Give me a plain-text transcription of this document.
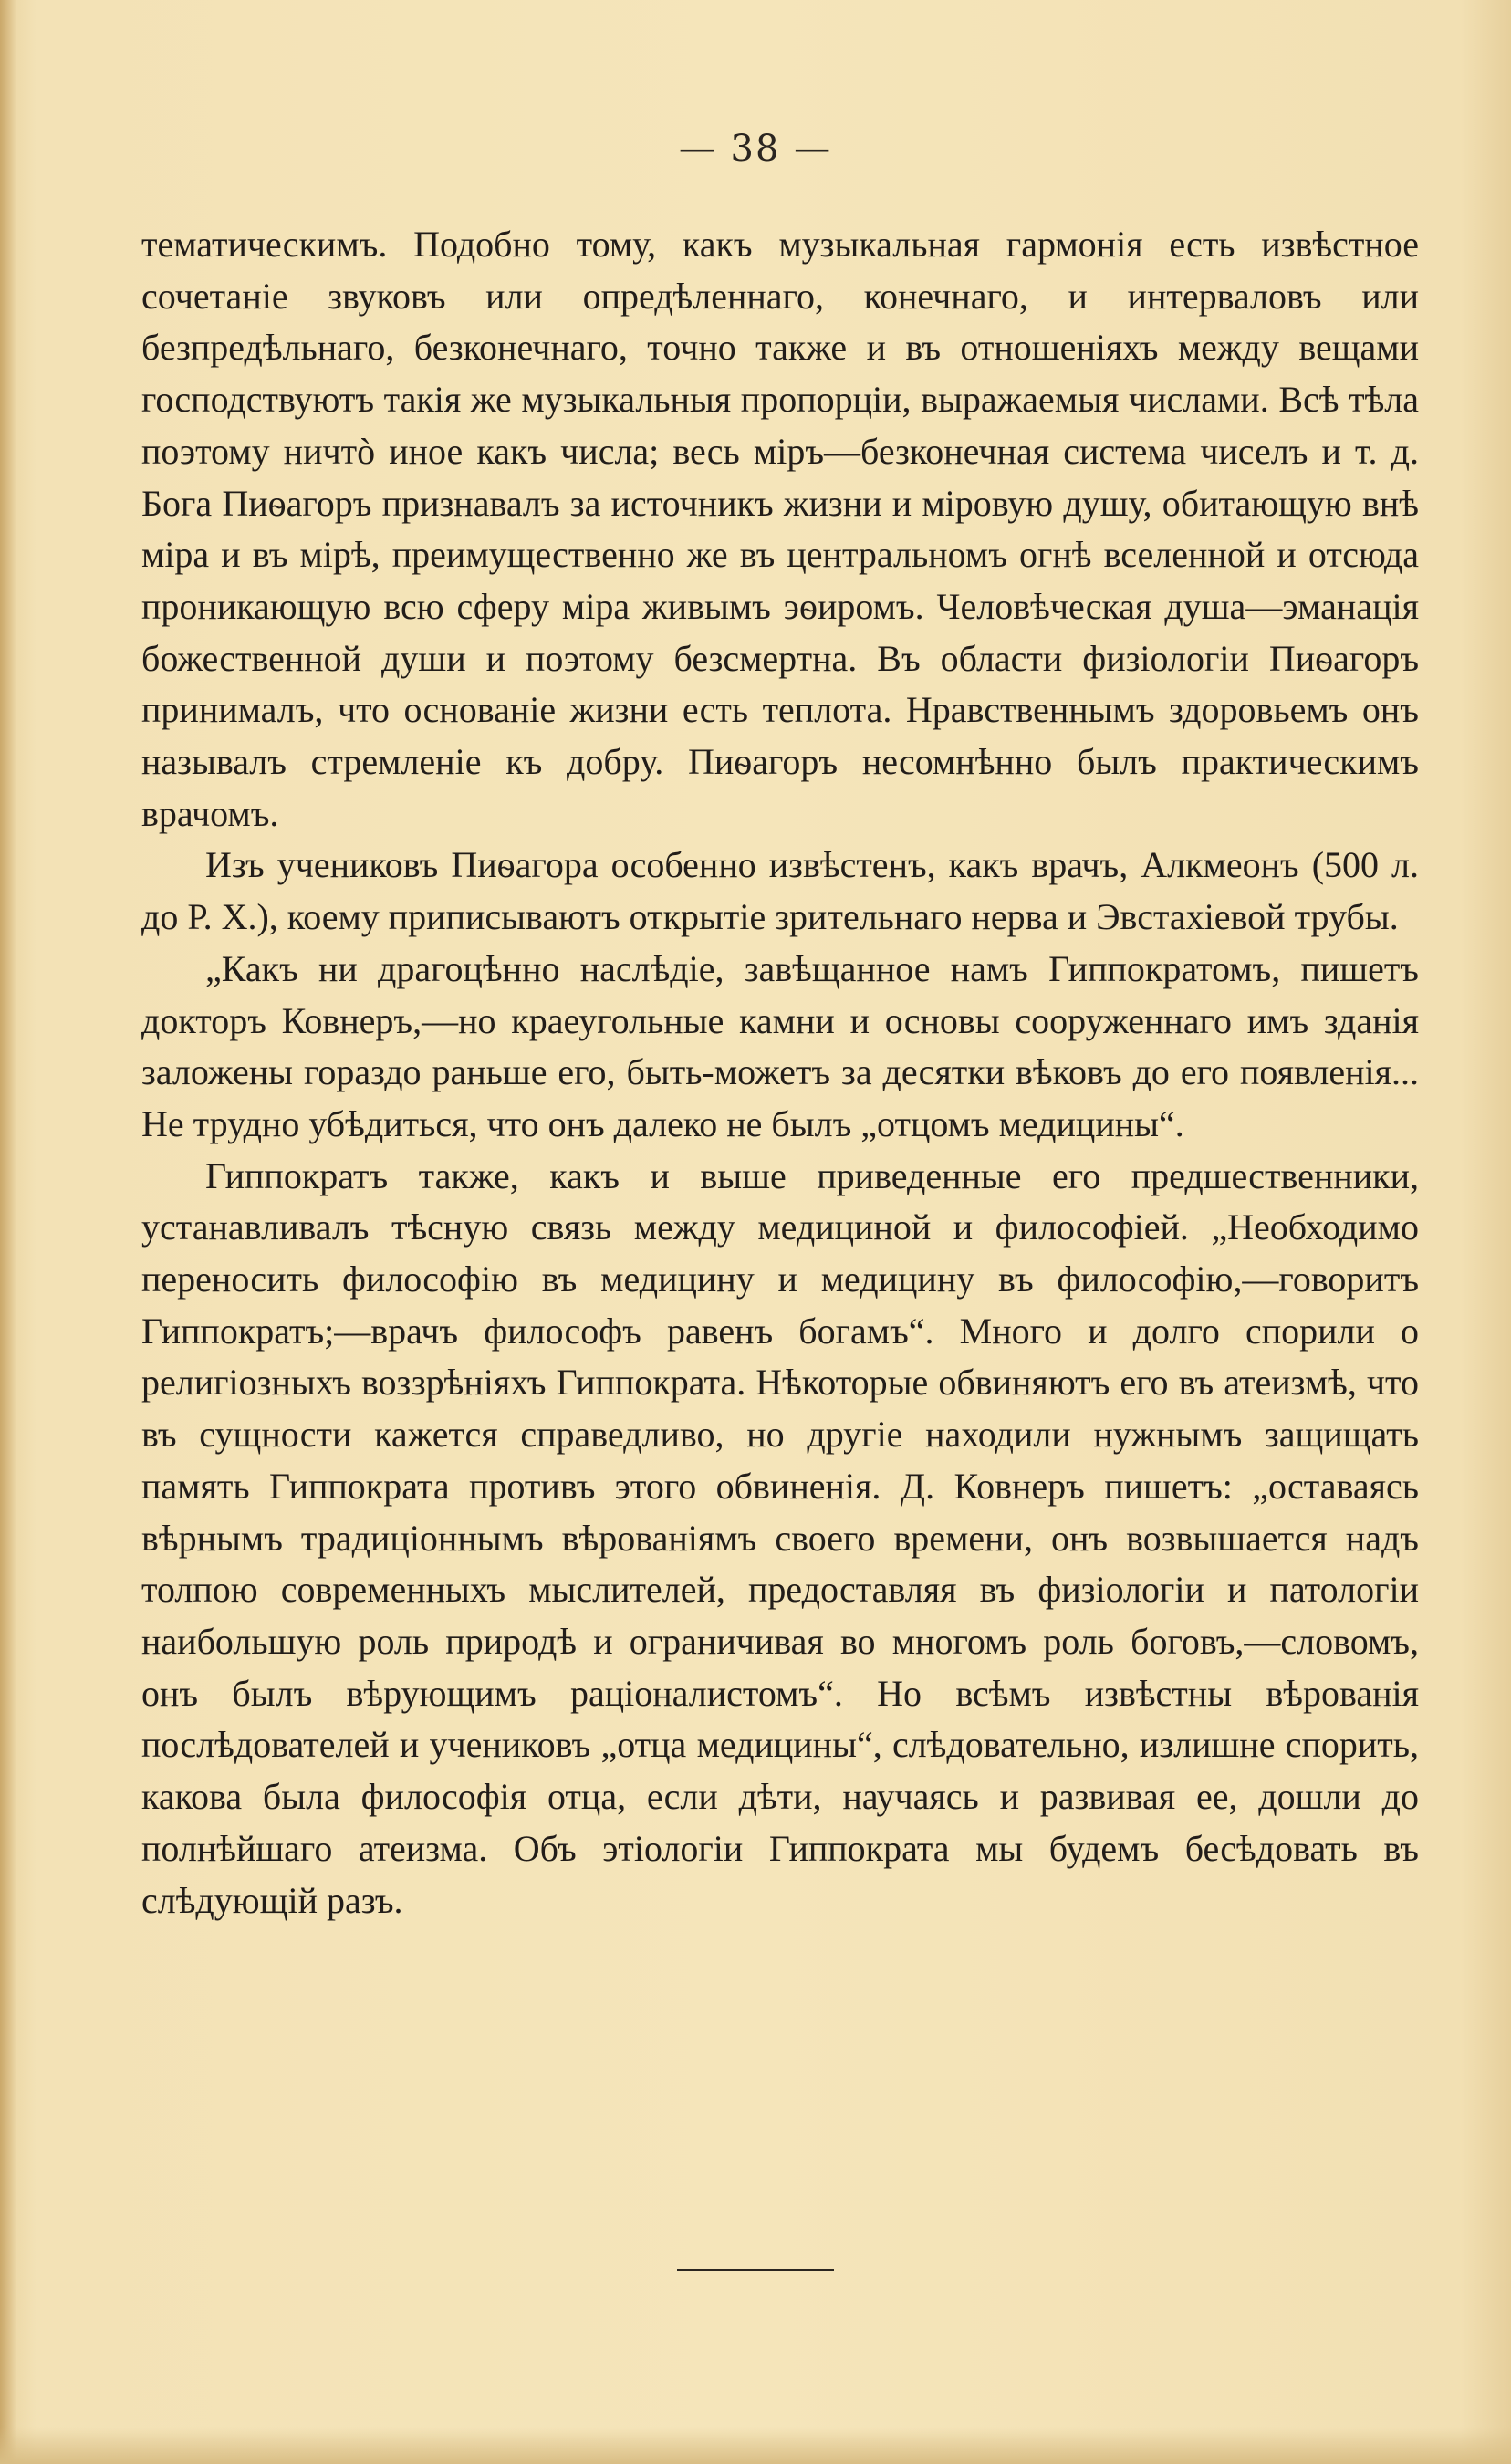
— 38 —

тематическимъ. Подобно тому, какъ музыкальная гармонія есть извѣстное сочетаніе звуковъ или опредѣленнаго, конечнаго, и интерваловъ или безпредѣльнаго, безконечнаго, точно также и въ отношеніяхъ между вещами господствуютъ такія же музыкальныя пропорціи, выражаемыя числами. Всѣ тѣла поэтому ничтò иное какъ числа; весь міръ—безконечная система чиселъ и т. д. Бога Пиѳагоръ признавалъ за источникъ жизни и міровую душу, обитающую внѣ міра и въ мірѣ, преимущественно же въ центральномъ огнѣ вселенной и отсюда проникающую всю сферу міра живымъ эѳиромъ. Человѣческая душа—эманація божественной души и поэтому безсмертна. Въ области физіологіи Пиѳагоръ принималъ, что основаніе жизни есть теплота. Нравственнымъ здоровьемъ онъ называлъ стремленіе къ добру. Пиѳагоръ несомнѣнно былъ практическимъ врачомъ.

Изъ учениковъ Пиѳагора особенно извѣстенъ, какъ врачъ, Алкмеонъ (500 л. до Р. Х.), коему приписываютъ открытіе зрительнаго нерва и Эвстахіевой трубы.

„Какъ ни драгоцѣнно наслѣдіе, завѣщанное намъ Гиппократомъ, пишетъ докторъ Ковнеръ,—но краеугольные камни и основы сооруженнаго имъ зданія заложены гораздо раньше его, быть-можетъ за десятки вѣковъ до его появленія... Не трудно убѣдиться, что онъ далеко не былъ „отцомъ медицины“.

Гиппократъ также, какъ и выше приведенные его предшественники, устанавливалъ тѣсную связь между медициной и философіей. „Необходимо переносить философію въ медицину и медицину въ философію,—говоритъ Гиппократъ;—врачъ философъ равенъ богамъ“. Много и долго спорили о религіозныхъ воззрѣніяхъ Гиппократа. Нѣкоторые обвиняютъ его въ атеизмѣ, что въ сущности кажется справедливо, но другіе находили нужнымъ защищать память Гиппократа противъ этого обвиненія. Д. Ковнеръ пишетъ: „оставаясь вѣрнымъ традиціоннымъ вѣрованіямъ своего времени, онъ возвышается надъ толпою современныхъ мыслителей, предоставляя въ физіологіи и патологіи наибольшую роль природѣ и ограничивая во многомъ роль боговъ,—словомъ, онъ былъ вѣрующимъ раціоналистомъ“. Но всѣмъ извѣстны вѣрованія послѣдователей и учениковъ „отца медицины“, слѣдовательно, излишне спорить, какова была философія отца, если дѣти, научаясь и развивая ее, дошли до полнѣйшаго атеизма. Объ этіологіи Гиппократа мы будемъ бесѣдовать въ слѣдующій разъ.
